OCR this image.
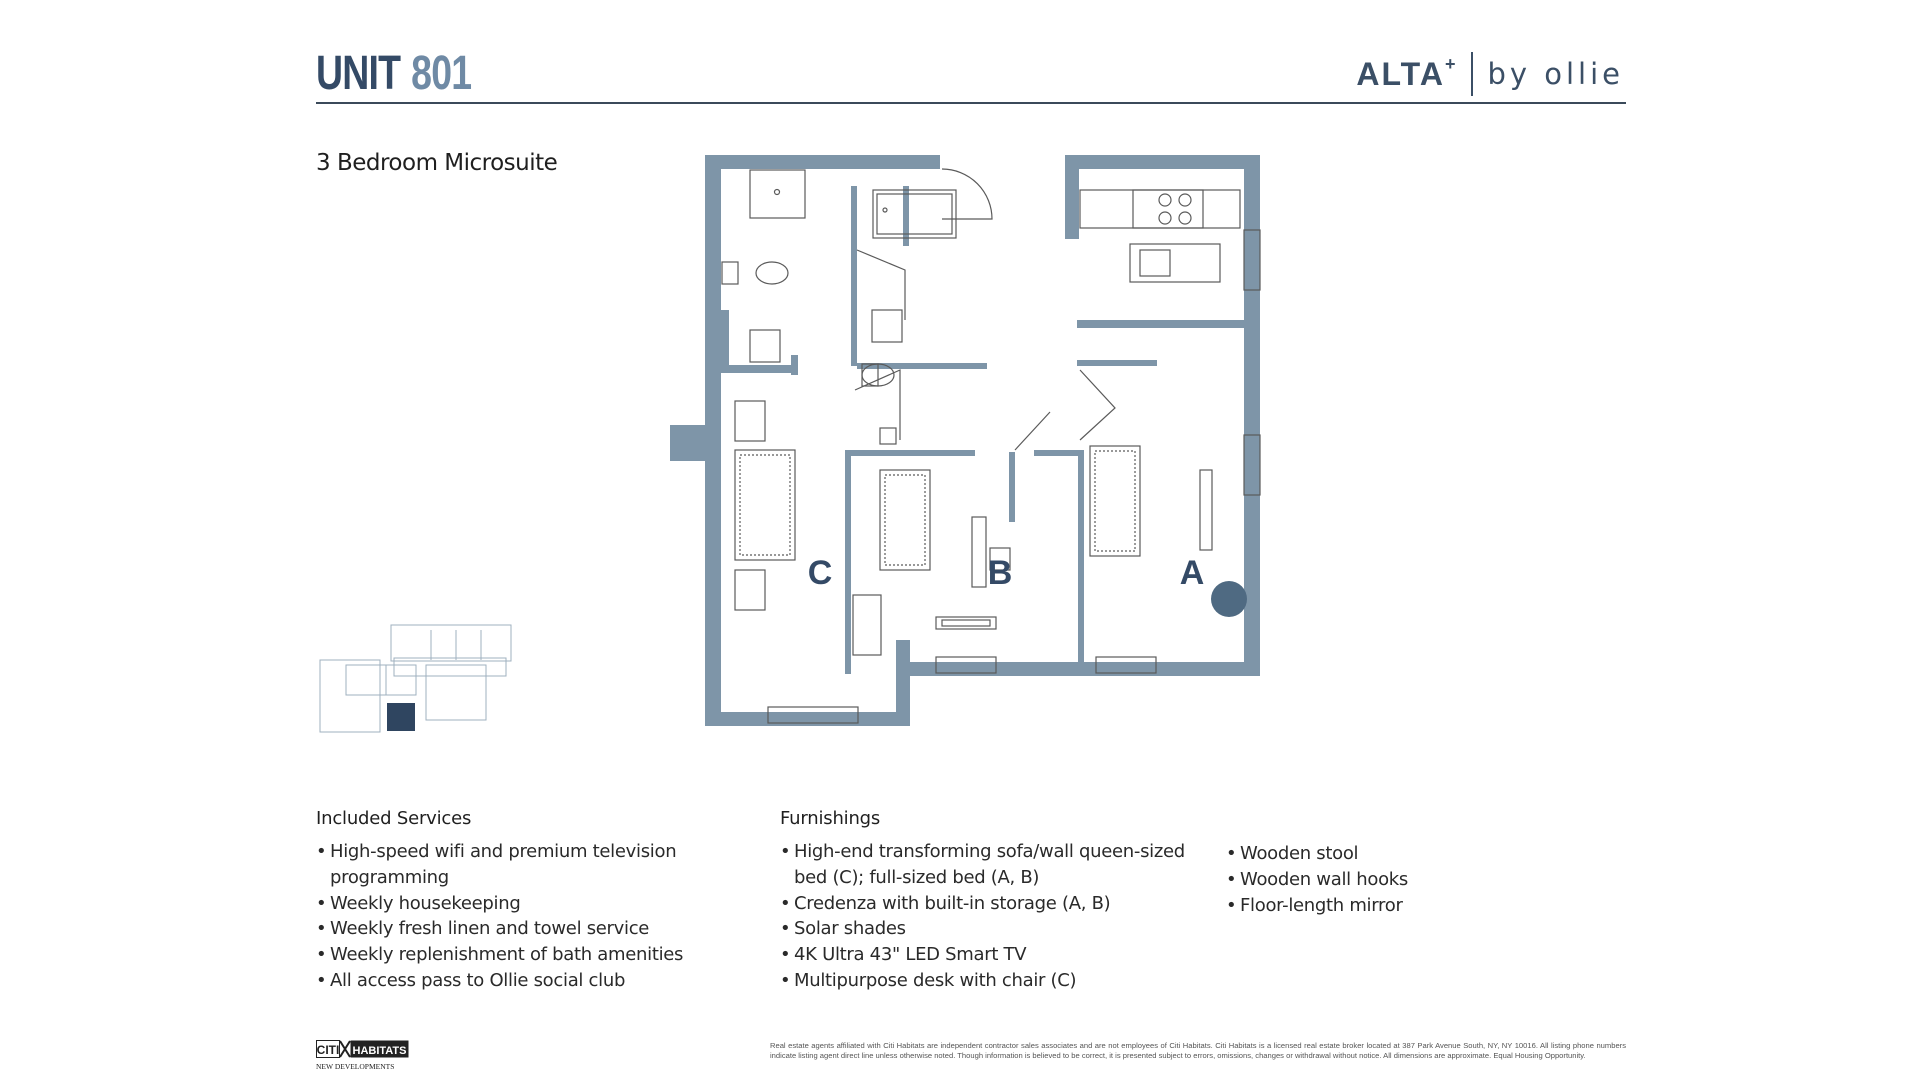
UNIT 801	ALTA + by ollie
3 Bedroom Microsuite
C	B	A
Included Services
• High-speed wifi and premium television programming
• Weekly housekeeping
• Weekly fresh linen and towel service
• Weekly replenishment of bath amenities
• All access pass to Ollie social club
Furnishings
• High-end transforming sofa/wall queen-sized bed (C); full-sized bed (A, B)
• Credenza with built-in storage (A, B)
• Solar shades
• 4K Ultra 43" LED Smart TV
• Multipurpose desk with chair (C)
• Wooden stool
• Wooden wall hooks
• Floor-length mirror
CITI HABITATS
NEW DEVELOPMENTS
Real estate agents affiliated with Citi Habitats are independent contractor sales associates and are not employees of Citi Habitats. Citi Habitats is a licensed real estate broker located at 387 Park Avenue South, NY, NY 10016. All listing phone numbers indicate listing agent direct line unless otherwise noted. Though information is believed to be correct, it is presented subject to errors, omissions, changes or withdrawal without notice. All dimensions are approximate. Equal Housing Opportunity.
